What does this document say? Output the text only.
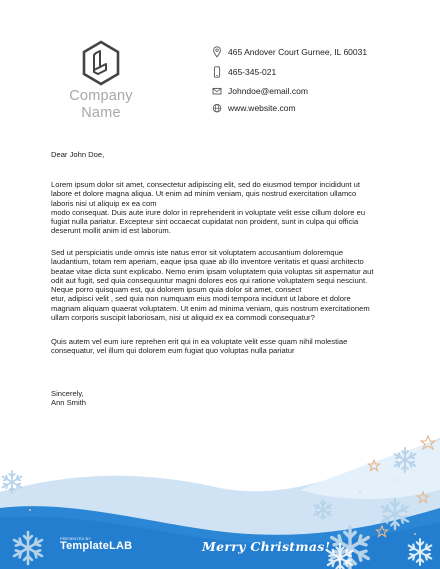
Company
Name
465 Andover Court Gurnee, IL 60031
465-345-021
Johndoe@email.com
www.website.com
Dear John Doe,
Lorem ipsum dolor sit amet, consectetur adipiscing elit, sed do eiusmod tempor incididunt ut
labore et dolore magna aliqua. Ut enim ad minim veniam, quis nostrud exercitation ullamco
laboris nisi ut aliquip ex ea com
modo consequat. Duis aute irure dolor in reprehenderit in voluptate velit esse cillum dolore eu
fugiat nulla pariatur. Excepteur sint occaecat cupidatat non proident, sunt in culpa qui officia
deserunt mollit anim id est laborum.
Sed ut perspiciatis unde omnis iste natus error sit voluptatem accusantium doloremque
laudantium, totam rem aperiam, eaque ipsa quae ab illo inventore veritatis et quasi architecto
beatae vitae dicta sunt explicabo. Nemo enim ipsam voluptatem quia voluptas sit aspernatur aut
odit aut fugit, sed quia consequuntur magni dolores eos qui ratione voluptatem sequi nesciunt.
Neque porro quisquam est, qui dolorem ipsum quia dolor sit amet, consect
etur, adipisci velit , sed quia non numquam eius modi tempora incidunt ut labore et dolore
magnam aliquam quaerat voluptatem. Ut enim ad minima veniam, quis nostrum exercitationem
ullam corporis suscipit laboriosam, nisi ut aliquid ex ea commodi consequatur?
Quis autem vel eum iure reprehen erit qui in ea voluptate velit esse quam nihil molestiae
consequatur, vel illum qui dolorem eum fugiat quo voluptas nulla pariatur
Sincerely,
Ann Smith
PRESENTED BY
TemplateLAB	Merry Christmas!
